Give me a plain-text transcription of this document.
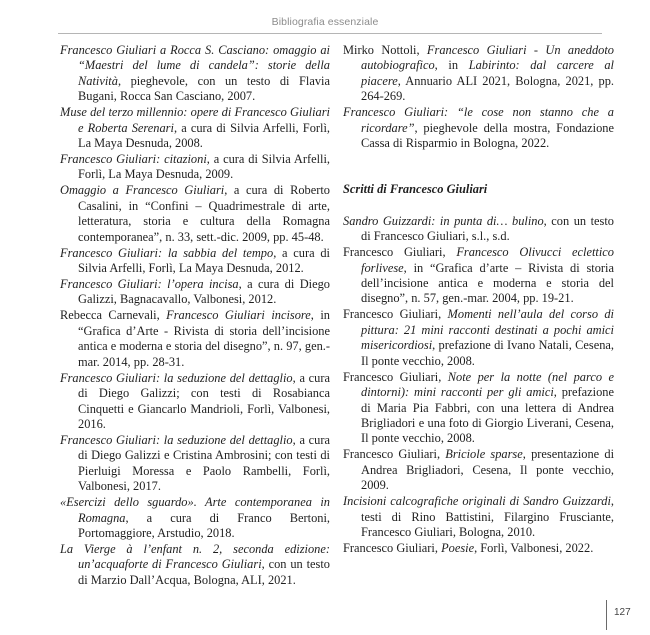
Bibliografia essenziale

Francesco Giuliari a Rocca S. Casciano: omaggio ai “Maestri del lume di candela”: storie della Natività, pieghevole, con un testo di Flavia Bugani, Rocca San Casciano, 2007.

Muse del terzo millennio: opere di Francesco Giuliari e Roberta Serenari, a cura di Silvia Arfelli, Forlì, La Maya Desnuda, 2008.

Francesco Giuliari: citazioni, a cura di Silvia Arfelli, Forlì, La Maya Desnuda, 2009.

Omaggio a Francesco Giuliari, a cura di Roberto Casalini, in “Confini – Quadrimestrale di arte, letteratura, storia e cultura della Romagna contemporanea”, n. 33, sett.-dic. 2009, pp. 45-48.

Francesco Giuliari: la sabbia del tempo, a cura di Silvia Arfelli, Forlì, La Maya Desnuda, 2012.

Francesco Giuliari: l’opera incisa, a cura di Diego Galizzi, Bagnacavallo, Valbonesi, 2012.

Rebecca Carnevali, Francesco Giuliari incisore, in “Grafica d’Arte - Rivista di storia dell’incisione antica e moderna e storia del disegno”, n. 97, gen.-mar. 2014, pp. 28-31.

Francesco Giuliari: la seduzione del dettaglio, a cura di Diego Galizzi; con testi di Rosabianca Cinquetti e Giancarlo Mandrioli, Forlì, Valbonesi, 2016.

Francesco Giuliari: la seduzione del dettaglio, a cura di Diego Galizzi e Cristina Ambrosini; con testi di Pierluigi Moressa e Paolo Rambelli, Forlì, Valbonesi, 2017.

«Esercizi dello sguardo». Arte contemporanea in Romagna, a cura di Franco Bertoni, Portomaggiore, Arstudio, 2018.

La Vierge à l’enfant n. 2, seconda edizione: un’acquaforte di Francesco Giuliari, con un testo di Marzio Dall’Acqua, Bologna, ALI, 2021.

Mirko Nottoli, Francesco Giuliari - Un aneddoto autobiografico, in Labirinto: dal carcere al piacere, Annuario ALI 2021, Bologna, 2021, pp. 264-269.

Francesco Giuliari: “le cose non stanno che a ricordare”, pieghevole della mostra, Fondazione Cassa di Risparmio in Bologna, 2022.

Scritti di Francesco Giuliari

Sandro Guizzardi: in punta di… bulino, con un testo di Francesco Giuliari, s.l., s.d.

Francesco Giuliari, Francesco Olivucci eclettico forlivese, in “Grafica d’arte – Rivista di storia dell’incisione antica e moderna e storia del disegno”, n. 57, gen.-mar. 2004, pp. 19-21.

Francesco Giuliari, Momenti nell’aula del corso di pittura: 21 mini racconti destinati a pochi amici misericordiosi, prefazione di Ivano Natali, Cesena, Il ponte vecchio, 2008.

Francesco Giuliari, Note per la notte (nel parco e dintorni): mini racconti per gli amici, prefazione di Maria Pia Fabbri, con una lettera di Andrea Brigliadori e una foto di Giorgio Liverani, Cesena, Il ponte vecchio, 2008.

Francesco Giuliari, Briciole sparse, presentazione di Andrea Brigliadori, Cesena, Il ponte vecchio, 2009.

Incisioni calcografiche originali di Sandro Guizzardi, testi di Rino Battistini, Filargino Frusciante, Francesco Giuliari, Bologna, 2010.

Francesco Giuliari, Poesie, Forlì, Valbonesi, 2022.

127
